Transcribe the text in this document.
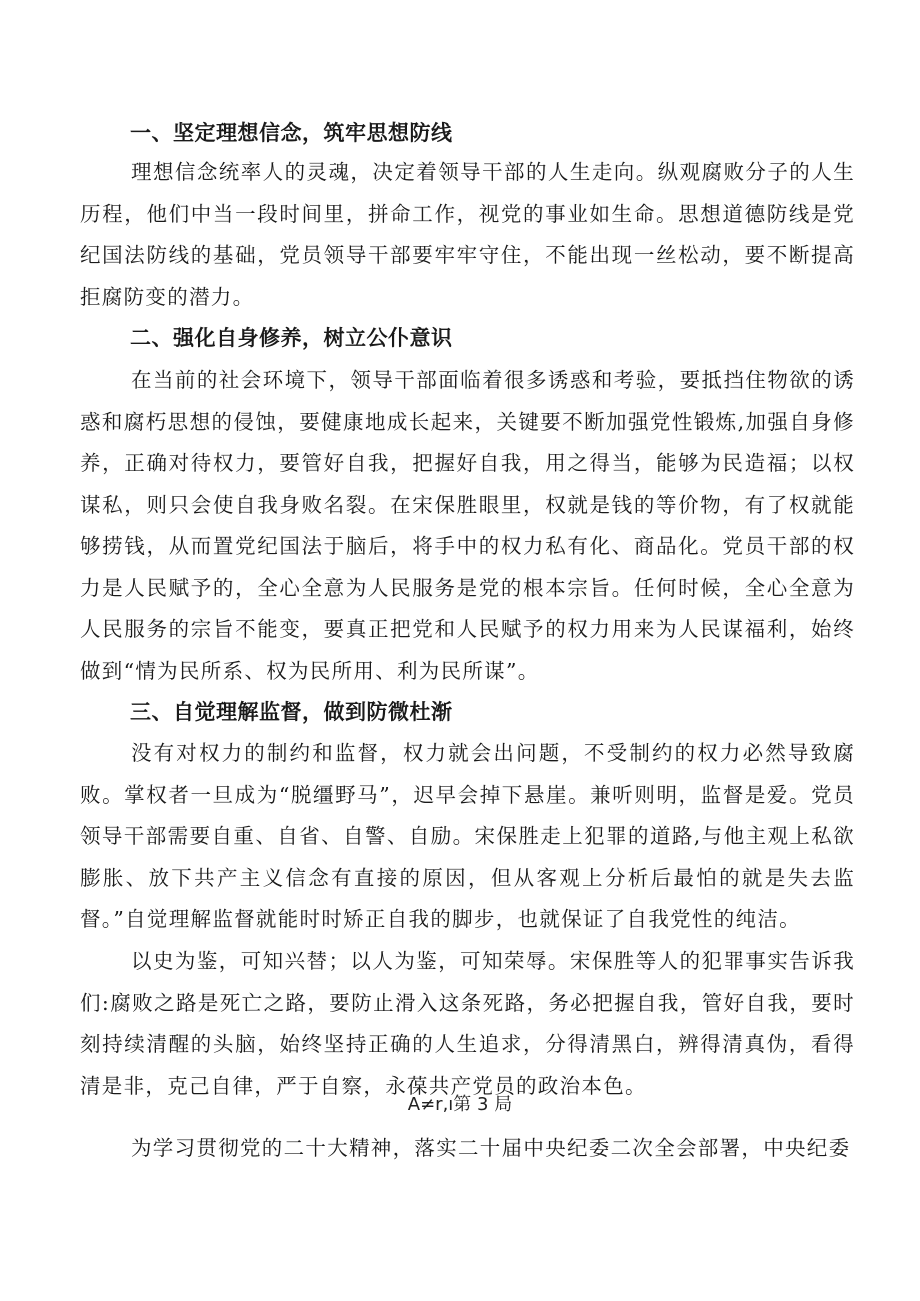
一、坚定理想信念，筑牢思想防线
理想信念统率人的灵魂，决定着领导干部的人生走向。纵观腐败分子的人生历程，他们中当一段时间里，拼命工作，视党的事业如生命。思想道德防线是党纪国法防线的基础，党员领导干部要牢牢守住，不能出现一丝松动，要不断提高拒腐防变的潜力。
二、强化自身修养，树立公仆意识
在当前的社会环境下，领导干部面临着很多诱惑和考验，要抵挡住物欲的诱惑和腐朽思想的侵蚀，要健康地成长起来，关键要不断加强党性锻炼,加强自身修养，正确对待权力，要管好自我，把握好自我，用之得当，能够为民造福；以权谋私，则只会使自我身败名裂。在宋保胜眼里，权就是钱的等价物，有了权就能够捞钱，从而置党纪国法于脑后，将手中的权力私有化、商品化。党员干部的权力是人民赋予的，全心全意为人民服务是党的根本宗旨。任何时候，全心全意为人民服务的宗旨不能变，要真正把党和人民赋予的权力用来为人民谋福利，始终做到“情为民所系、权为民所用、利为民所谋”。
三、自觉理解监督，做到防微杜渐
没有对权力的制约和监督，权力就会出问题，不受制约的权力必然导致腐败。掌权者一旦成为“脱缰野马”，迟早会掉下悬崖。兼听则明，监督是爱。党员领导干部需要自重、自省、自警、自励。宋保胜走上犯罪的道路,与他主观上私欲膨胀、放下共产主义信念有直接的原因，但从客观上分析后最怕的就是失去监督。”自觉理解监督就能时时矫正自我的脚步，也就保证了自我党性的纯洁。
以史为鉴，可知兴替；以人为鉴，可知荣辱。宋保胜等人的犯罪事实告诉我们:腐败之路是死亡之路，要防止滑入这条死路，务必把握自我，管好自我，要时刻持续清醒的头脑，始终坚持正确的人生追求，分得清黑白，辨得清真伪，看得清是非，克己自律，严于自察，永葆共产党员的政治本色。
A≠r,ı第 3 局
为学习贯彻党的二十大精神，落实二十届中央纪委二次全会部署，中央纪委
